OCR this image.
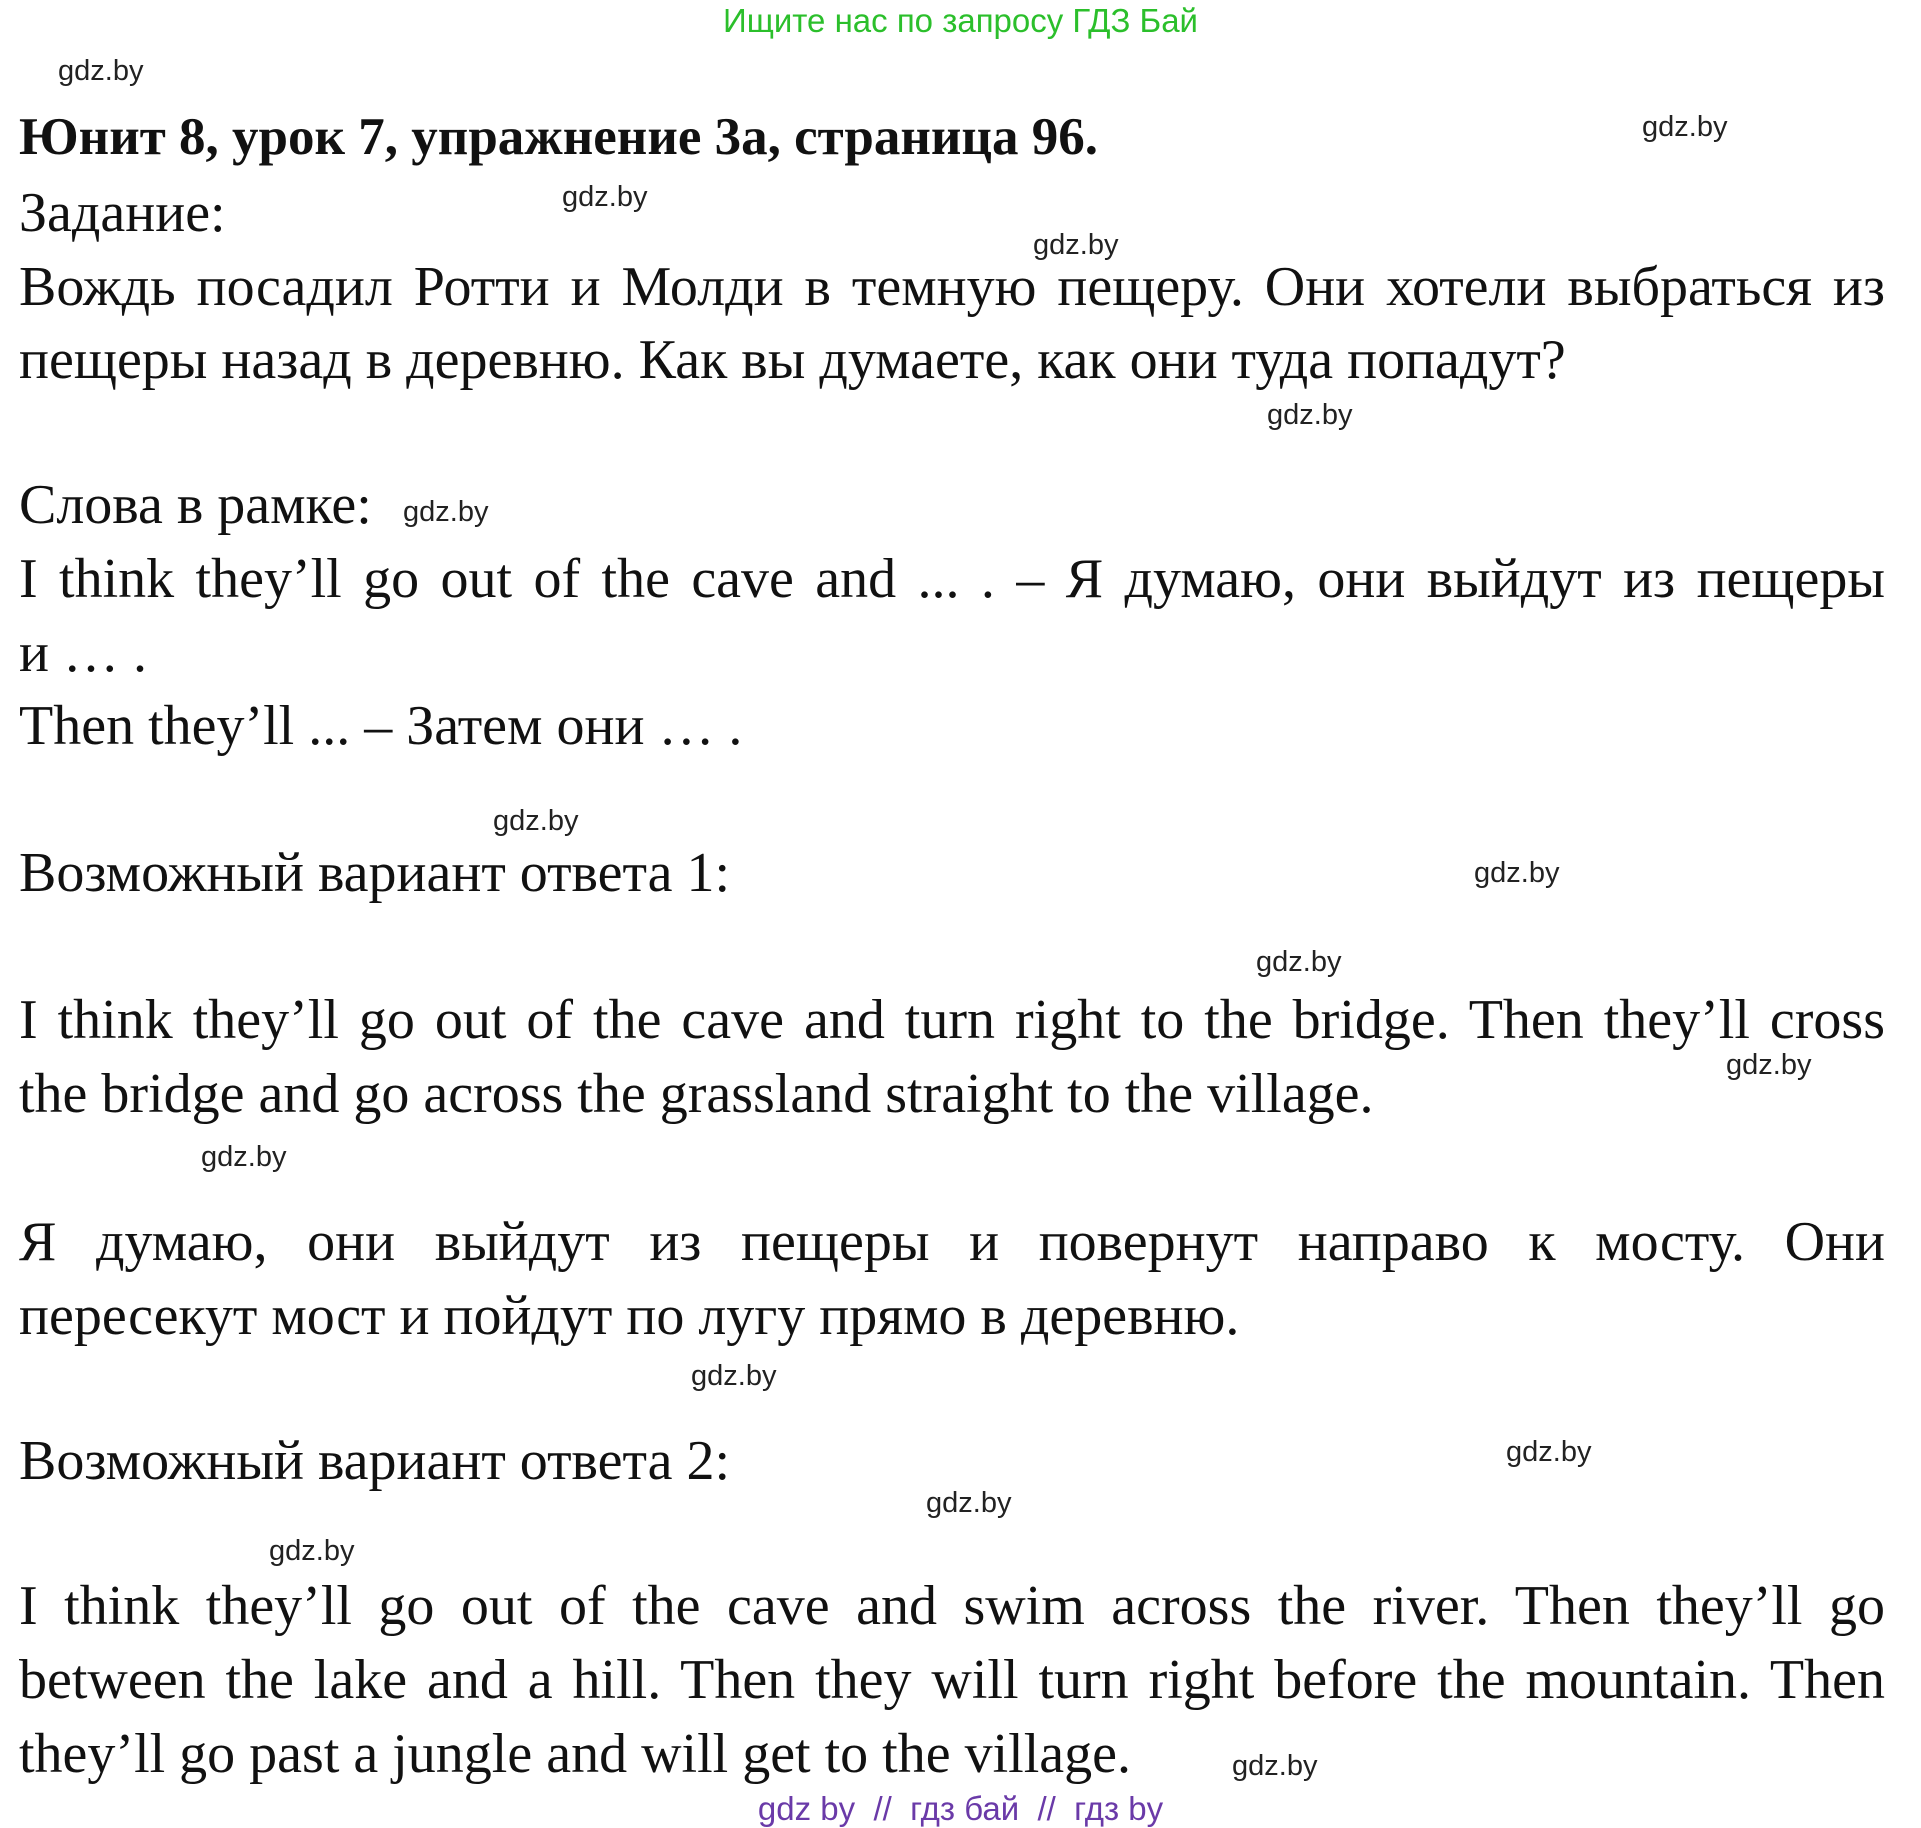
Ищите нас по запросу ГДЗ Бай
gdz.by
Юнит 8, урок 7, упражнение 3а, страница 96.	gdz.by
Задание:	gdz.by
gdz.by
Вождь посадил Ротти и Молди в темную пещеру. Они хотели выбраться из
пещеры назад в деревню. Как вы думаете, как они туда попадут?
gdz.by
Слова в рамке: gdz.by
I think they’ll go out of the cave and ... . – Я думаю, они выйдут из пещеры
и … .
Then they’ll ... – Затем они … .
gdz.by
Возможный вариант ответа 1:	gdz.by
gdz.by
I think they’ll go out of the cave and turn right to the bridge. Then they’ll cross
gdz.by
the bridge and go across the grassland straight to the village.
gdz.by
Я думаю, они выйдут из пещеры и повернут направо к мосту. Они
пересекут мост и пойдут по лугу прямо в деревню.
gdz.by
Возможный вариант ответа 2:	gdz.by
gdz.by
gdz.by
I think they’ll go out of the cave and swim across the river. Then they’ll go
between the lake and a hill. Then they will turn right before the mountain. Then
they’ll go past a jungle and will get to the village.	gdz.by
gdz by  //  гдз бай  //  гдз by
